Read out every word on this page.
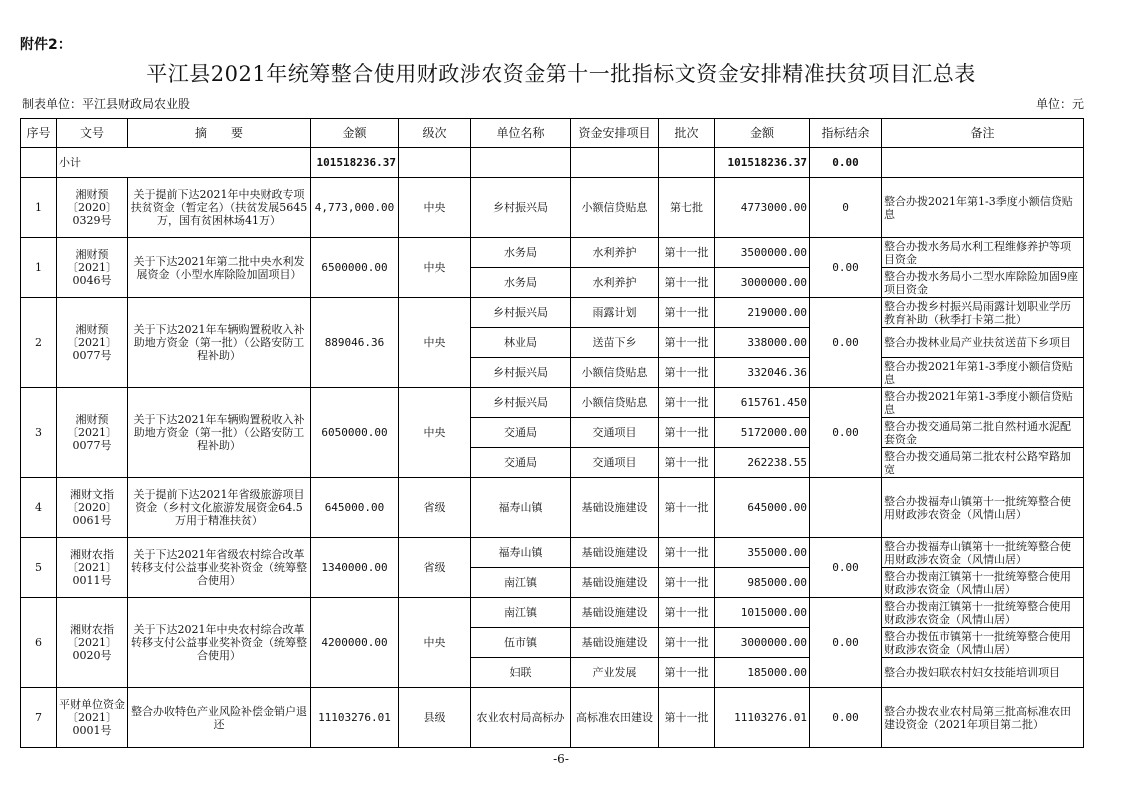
附件2：
平江县2021年统筹整合使用财政涉农资金第十一批指标文资金安排精准扶贫项目汇总表
制表单位：平江县财政局农业股	单位：元
序号	文号	摘　　要	金额	级次	单位名称	资金安排项目	批次	金额	指标结余	备注
	小计		101518236.37					101518236.37	0.00	
1	湘财预〔2020〕0329号	关于提前下达2021年中央财政专项扶贫资金（暂定名）（扶贫发展5645万，国有贫困林场41万）	4,773,000.00	中央	乡村振兴局	小额信贷贴息	第七批	4773000.00	0	整合办拨2021年第1-3季度小额信贷贴息
1	湘财预〔2021〕0046号	关于下达2021年第二批中央水利发展资金（小型水库除险加固项目）	6500000.00	中央	水务局	水利养护	第十一批	3500000.00	0.00	整合办拨水务局水利工程维修养护等项目资金
					水务局	水利养护	第十一批	3000000.00		整合办拨水务局小二型水库除险加固9座项目资金
2	湘财预〔2021〕0077号	关于下达2021年车辆购置税收入补助地方资金（第一批）（公路安防工程补助）	889046.36	中央	乡村振兴局	雨露计划	第十一批	219000.00	0.00	整合办拨乡村振兴局雨露计划职业学历教育补助（秋季打卡第二批）
					林业局	送苗下乡	第十一批	338000.00		整合办拨林业局产业扶贫送苗下乡项目
					乡村振兴局	小额信贷贴息	第十一批	332046.36		整合办拨2021年第1-3季度小额信贷贴息
3	湘财预〔2021〕0077号	关于下达2021年车辆购置税收入补助地方资金（第一批）（公路安防工程补助）	6050000.00	中央	乡村振兴局	小额信贷贴息	第十一批	615761.450	0.00	整合办拨2021年第1-3季度小额信贷贴息
					交通局	交通项目	第十一批	5172000.00		整合办拨交通局第二批自然村通水泥配套资金
					交通局	交通项目	第十一批	262238.55		整合办拨交通局第二批农村公路窄路加宽
4	湘财文指〔2020〕0061号	关于提前下达2021年省级旅游项目资金（乡村文化旅游发展资金64.5万用于精准扶贫）	645000.00	省级	福寿山镇	基础设施建设	第十一批	645000.00		整合办拨福寿山镇第十一批统筹整合使用财政涉农资金（风情山居）
5	湘财农指〔2021〕0011号	关于下达2021年省级农村综合改革转移支付公益事业奖补资金（统筹整合使用）	1340000.00	省级	福寿山镇	基础设施建设	第十一批	355000.00	0.00	整合办拨福寿山镇第十一批统筹整合使用财政涉农资金（风情山居）
					南江镇	基础设施建设	第十一批	985000.00		整合办拨南江镇第十一批统筹整合使用财政涉农资金（风情山居）
6	湘财农指〔2021〕0020号	关于下达2021年中央农村综合改革转移支付公益事业奖补资金（统筹整合使用）	4200000.00	中央	南江镇	基础设施建设	第十一批	1015000.00	0.00	整合办拨南江镇第十一批统筹整合使用财政涉农资金（风情山居）
					伍市镇	基础设施建设	第十一批	3000000.00		整合办拨伍市镇第十一批统筹整合使用财政涉农资金（风情山居）
					妇联	产业发展	第十一批	185000.00		整合办拨妇联农村妇女技能培训项目
7	平财单位资金〔2021〕0001号	整合办收特色产业风险补偿金销户退还	11103276.01	县级	农业农村局高标办	高标准农田建设	第十一批	11103276.01	0.00	整合办拨农业农村局第三批高标准农田建设资金（2021年项目第二批）
-6-
